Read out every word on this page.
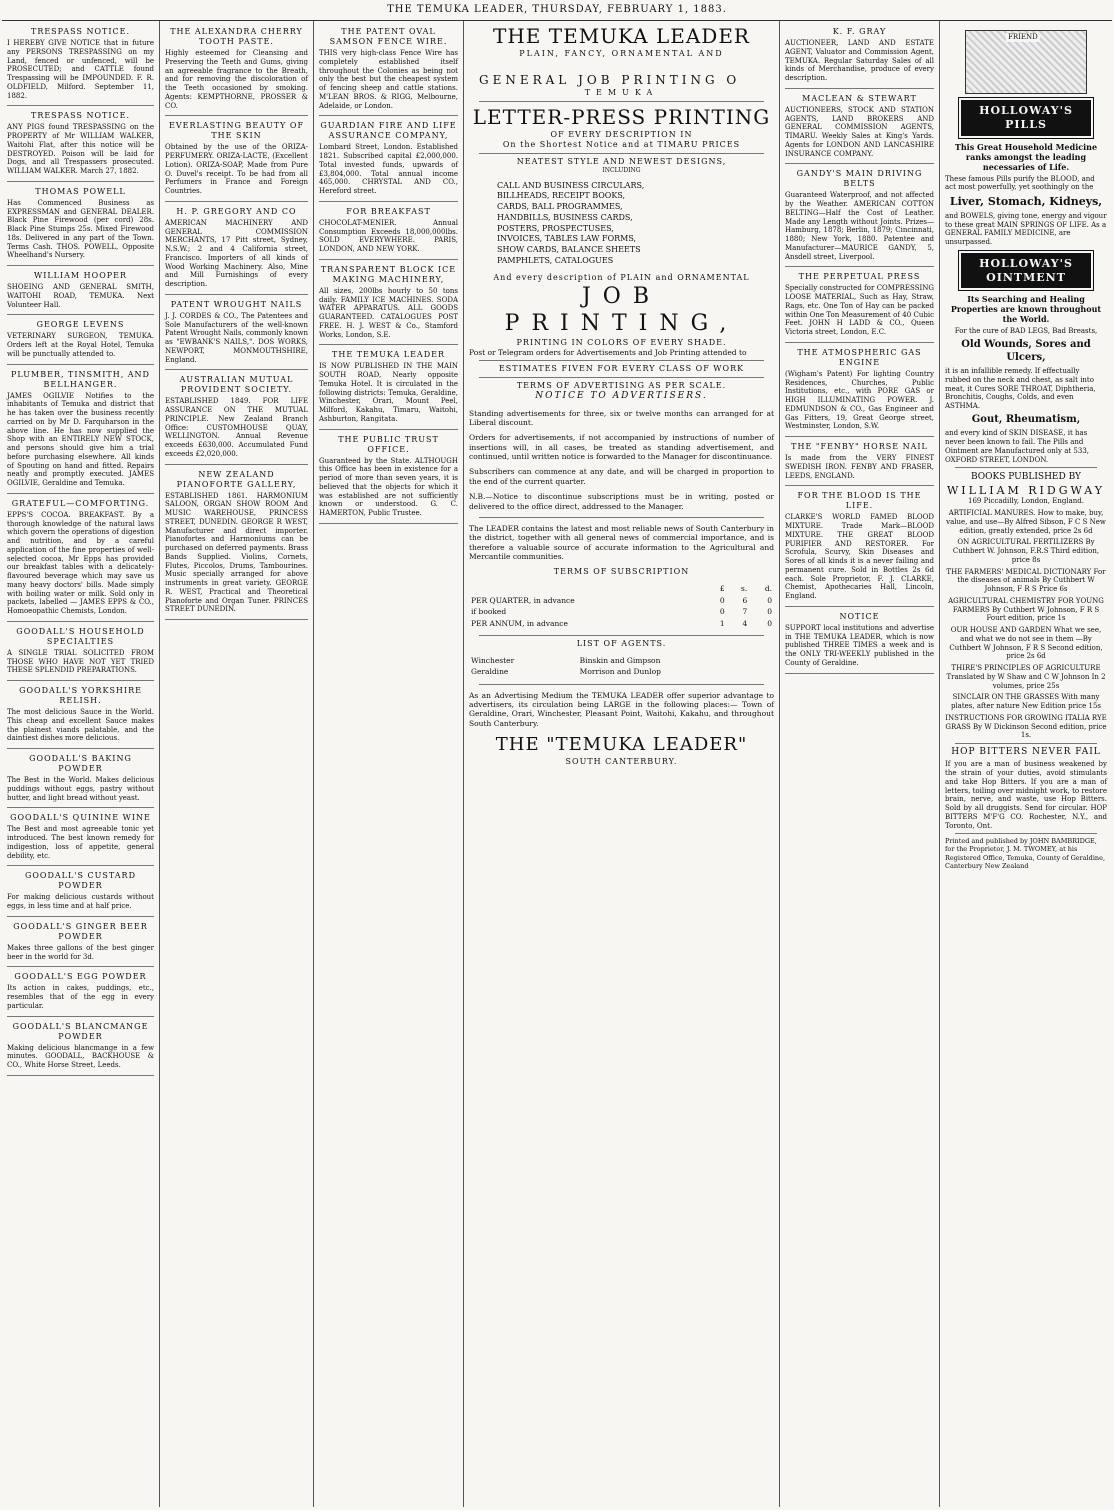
THE TEMUKA LEADER, THURSDAY, FEBRUARY 1, 1883.
TRESPASS NOTICE.

I HEREBY GIVE NOTICE that in future any PERSONS TRESPASSING on my Land, fenced or unfenced, will be PROSECUTED; and CATTLE found Trespassing will be IMPOUNDED. F. R. OLDFIELD, Milford. September 11, 1882.

TRESPASS NOTICE.

ANY PIGS found TRESPASSING on the PROPERTY of Mr WILLIAM WALKER, Waitohi Flat, after this notice will be DESTROYED. Poison will be laid for Dogs, and all Trespassers prosecuted. WILLIAM WALKER. March 27, 1882.

THOMAS POWELL

Has Commenced Business as EXPRESSMAN and GENERAL DEALER. Black Pine Firewood (per cord) 28s. Black Pine Stumps 25s. Mixed Firewood 18s. Delivered in any part of the Town. Terms Cash. THOS. POWELL, Opposite Wheelhand's Nursery.

WILLIAM HOOPER

SHOEING AND GENERAL SMITH, WAITOHI ROAD, TEMUKA. Next Volunteer Hall.

GEORGE LEVENS

VETERINARY SURGEON, TEMUKA. Orders left at the Royal Hotel, Temuka will be punctually attended to.

PLUMBER, TINSMITH, AND BELLHANGER.

JAMES OGILVIE Notifies to the inhabitants of Temuka and district that he has taken over the business recently carried on by Mr D. Farquharson in the above line. He has now supplied the Shop with an ENTIRELY NEW STOCK, and persons should give him a trial before purchasing elsewhere. All kinds of Spouting on hand and fitted. Repairs neatly and promptly executed. JAMES OGILVIE, Geraldine and Temuka.

GRATEFUL—COMFORTING.

EPPS'S COCOA. BREAKFAST. By a thorough knowledge of the natural laws which govern the operations of digestion and nutrition, and by a careful application of the fine properties of well-selected cocoa, Mr Epps has provided our breakfast tables with a delicately-flavoured beverage which may save us many heavy doctors' bills. Made simply with boiling water or milk. Sold only in packets, labelled — JAMES EPPS & CO., Homoeopathic Chemists, London.

GOODALL'S HOUSEHOLD SPECIALTIES

A SINGLE TRIAL SOLICITED FROM THOSE WHO HAVE NOT YET TRIED THESE SPLENDID PREPARATIONS.

GOODALL'S YORKSHIRE RELISH.

The most delicious Sauce in the World. This cheap and excellent Sauce makes the plainest viands palatable, and the daintiest dishes more delicious.

GOODALL'S BAKING POWDER

The Best in the World. Makes delicious puddings without eggs, pastry without butter, and light bread without yeast.

GOODALL'S QUININE WINE

The Best and most agreeable tonic yet introduced. The best known remedy for indigestion, loss of appetite, general debility, etc.

GOODALL'S CUSTARD POWDER

For making delicious custards without eggs, in less time and at half price.

GOODALL'S GINGER BEER POWDER

Makes three gallons of the best ginger beer in the world for 3d.

GOODALL'S EGG POWDER

Its action in cakes, puddings, etc., resembles that of the egg in every particular.

GOODALL'S BLANCMANGE POWDER

Making delicious blancmange in a few minutes. GOODALL, BACKHOUSE & CO., White Horse Street, Leeds.

THE ALEXANDRA CHERRY TOOTH PASTE.

Highly esteemed for Cleansing and Preserving the Teeth and Gums, giving an agreeable fragrance to the Breath, and for removing the discoloration of the Teeth occasioned by smoking. Agents: KEMPTHORNE, PROSSER & CO.

EVERLASTING BEAUTY OF THE SKIN

Obtained by the use of the ORIZA-PERFUMERY. ORIZA-LACTE, (Excellent Lotion). ORIZA-SOAP, Made from Pure O. Duvel's receipt. To be had from all Perfumers in France and Foreign Countries.

H. P. GREGORY AND CO

AMERICAN MACHINERY AND GENERAL COMMISSION MERCHANTS, 17 Pitt street, Sydney, N.S.W.; 2 and 4 California street, Francisco. Importers of all kinds of Wood Working Machinery. Also, Mine and Mill Furnishings of every description.

PATENT WROUGHT NAILS

J. J. CORDES & CO., The Patentees and Sole Manufacturers of the well-known Patent Wrought Nails, commonly known as "EWBANK'S NAILS,". DOS WORKS, NEWPORT, MONMOUTHSHIRE, England.

AUSTRALIAN MUTUAL PROVIDENT SOCIETY.

ESTABLISHED 1849. FOR LIFE ASSURANCE ON THE MUTUAL PRINCIPLE. New Zealand Branch Office: CUSTOMHOUSE QUAY, WELLINGTON. Annual Revenue exceeds £630,000. Accumulated Fund exceeds £2,020,000.

NEW ZEALAND PIANOFORTE GALLERY,

ESTABLISHED 1861. HARMONIUM SALOON, ORGAN SHOW ROOM And MUSIC WAREHOUSE, PRINCESS STREET, DUNEDIN. GEORGE R WEST, Manufacturer and direct importer. Pianofortes and Harmoniums can be purchased on deferred payments. Brass Bands Supplied. Violins, Cornets, Flutes, Piccolos, Drums, Tambourines. Music specially arranged for above instruments in great variety. GEORGE R. WEST, Practical and Theoretical Pianoforte and Organ Tuner. PRINCES STREET DUNEDIN.

THE PATENT OVAL SAMSON FENCE WIRE.

THIS very high-class Fence Wire has completely established itself throughout the Colonies as being not only the best but the cheapest system of fencing sheep and cattle stations. M'LEAN BROS. & RIGG, Melbourne, Adelaide, or London.

GUARDIAN FIRE AND LIFE ASSURANCE COMPANY,

Lombard Street, London. Established 1821. Subscribed capital £2,000,000. Total invested funds, upwards of £3,804,000. Total annual income 465,000. CHRYSTAL AND CO., Hereford street.

FOR BREAKFAST

CHOCOLAT-MENIER. Annual Consumption Exceeds 18,000,000lbs. SOLD EVERYWHERE. PARIS, LONDON, AND NEW YORK.

TRANSPARENT BLOCK ICE MAKING MACHINERY,

All sizes, 200lbs hourly to 50 tons daily. FAMILY ICE MACHINES. SODA WATER APPARATUS. ALL GOODS GUARANTEED. CATALOGUES POST FREE. H. J. WEST & Co., Stamford Works, London, S.E.

THE TEMUKA LEADER

IS NOW PUBLISHED IN THE MAIN SOUTH ROAD, Nearly opposite Temuka Hotel. It is circulated in the following districts: Temuka, Geraldine, Winchester, Orari, Mount Peel, Milford, Kakahu, Timaru, Waitohi, Ashburton, Rangitata.

THE PUBLIC TRUST OFFICE.

Guaranteed by the State. ALTHOUGH this Office has been in existence for a period of more than seven years, it is believed that the objects for which it was established are not sufficiently known or understood. G. C. HAMERTON, Public Trustee.

THE TEMUKA LEADER
PLAIN, FANCY, ORNAMENTAL AND
GENERAL JOB PRINTING O
TEMUKA
LETTER-PRESS PRINTING
OF EVERY DESCRIPTION IN
On the Shortest Notice and at TIMARU PRICES
NEATEST STYLE AND NEWEST DESIGNS,
INCLUDING
CALL AND BUSINESS CIRCULARS,
BILLHEADS, RECEIPT BOOKS,
CARDS, BALL PROGRAMMES,
HANDBILLS, BUSINESS CARDS,
POSTERS, PROSPECTUSES,
INVOICES, TABLES LAW FORMS,
SHOW CARDS, BALANCE SHEETS
PAMPHLETS, CATALOGUES
And every description of PLAIN and ORNAMENTAL
JOB PRINTING,
PRINTING IN COLORS OF EVERY SHADE.
Post or Telegram orders for Advertisements and Job Printing attended to
ESTIMATES FIVEN FOR EVERY CLASS OF WORK
TERMS OF ADVERTISING AS PER SCALE.
NOTICE TO ADVERTISERS.
Standing advertisements for three, six or twelve months can arranged for at Liberal discount.
Orders for advertisements, if not accompanied by instructions of number of insertions will, in all cases, be treated as standing advertisement, and continued, until written notice is forwarded to the Manager for discontinuance.
Subscribers can commence at any date, and will be charged in proportion to the end of the current quarter.
N.B.—Notice to discontinue subscriptions must be in writing, posted or delivered to the office direct, addressed to the Manager.
The LEADER contains the latest and most reliable news of South Canterbury in the district, together with all general news of commercial importance, and is therefore a valuable source of accurate information to the Agricultural and Mercantile communities.
TERMS OF SUBSCRIPTION
	£	s.	d.
PER QUARTER, in advance	0	6	0
if booked	0	7	0
PER ANNUM, in advance	1	4	0
LIST OF AGENTS.
Winchester	Binskin and Gimpson
Geraldine	Morrison and Dunlop
As an Advertising Medium the TEMUKA LEADER offer superior advantage to advertisers, its circulation being LARGE in the following places:— Town of Geraldine, Orari, Winchester, Pleasant Point, Waitohi, Kakahu, and throughout South Canterbury.
THE "TEMUKA LEADER"
SOUTH CANTERBURY.
K. F. GRAY

AUCTIONEER, LAND AND ESTATE AGENT, Valuator and Commission Agent, TEMUKA. Regular Saturday Sales of all kinds of Merchandise, produce of every description.

MACLEAN & STEWART

AUCTIONEERS, STOCK AND STATION AGENTS, LAND BROKERS AND GENERAL COMMISSION AGENTS, TIMARU. Weekly Sales at King's Yards. Agents for LONDON AND LANCASHIRE INSURANCE COMPANY.

GANDY'S MAIN DRIVING BELTS

Guaranteed Waterproof, and not affected by the Weather. AMERICAN COTTON BELTING—Half the Cost of Leather. Made any Length without Joints. Prizes—Hamburg, 1878; Berlin, 1879; Cincinnati, 1880; New York, 1880. Patentee and Manufacturer—MAURICE GANDY, 5, Ansdell street, Liverpool.

THE PERPETUAL PRESS

Specially constructed for COMPRESSING LOOSE MATERIAL, Such as Hay, Straw, Rags, etc. One Ton of Hay can be packed within One Ton Measurement of 40 Cubic Feet. JOHN H LADD & CO., Queen Victoria street, London, E.C.

THE ATMOSPHERIC GAS ENGINE

(Wigham's Patent) For lighting Country Residences, Churches, Public Institutions, etc., with PORE GAS or HIGH ILLUMINATING POWER. J. EDMUNDSON & CO., Gas Engineer and Gas Fitters, 19, Great George street, Westminster, London, S.W.

THE "FENBY" HORSE NAIL

Is made from the VERY FINEST SWEDISH IRON. FENBY AND FRASER, LEEDS, ENGLAND.

FOR THE BLOOD IS THE LIFE.

CLARKE'S WORLD FAMED BLOOD MIXTURE. Trade Mark—BLOOD MIXTURE. THE GREAT BLOOD PURIFIER AND RESTORER. For Scrofula, Scurvy, Skin Diseases and Sores of all kinds it is a never failing and permanent cure. Sold in Bottles 2s 6d each. Sole Proprietor, F. J. CLARKE, Chemist, Apothecaries Hall, Lincoln, England.

NOTICE

SUPPORT local institutions and advertise in THE TEMUKA LEADER, which is now published THREE TIMES a week and is the ONLY TRI-WEEKLY published in the County of Geraldine.

FRIEND
HOLLOWAY'S PILLS
This Great Household Medicine ranks amongst the leading necessaries of Life.

These famous Pills purify the BLOOD, and act most powerfully, yet soothingly on the

Liver, Stomach, Kidneys,

and BOWELS, giving tone, energy and vigour to these great MAIN SPRINGS OF LIFE. As a GENERAL FAMILY MEDICINE, are unsurpassed.

HOLLOWAY'S OINTMENT
Its Searching and Healing Properties are known throughout the World.

For the cure of BAD LEGS, Bad Breasts,

Old Wounds, Sores and Ulcers,

it is an infallible remedy. If effectually rubbed on the neck and chest, as salt into meat, it Cures SORE THROAT, Diphtheria, Bronchitis, Coughs, Colds, and even ASTHMA.

Gout, Rheumatism,

and every kind of SKIN DISEASE, it has never been known to fail. The Pills and Ointment are Manufactured only at 533, OXFORD STREET, LONDON.

BOOKS PUBLISHED BY
WILLIAM RIDGWAY
169 Piccadilly, London, England.

ARTIFICIAL MANURES. How to make, buy, value, and use—By Alfred Sibson, F C S New edition, greatly extended, price 2s 6d

ON AGRICULTURAL FERTILIZERS By Cuthbert W. Johnson, F.R.S Third edition, price 8s

THE FARMERS' MEDICAL DICTIONARY For the diseases of animals By Cuthbert W Johnson, F R S Price 6s

AGRICULTURAL CHEMISTRY FOR YOUNG FARMERS By Cuthbert W Johnson, F R S Fourt edition, price 1s

OUR HOUSE AND GARDEN What we see, and what we do not see in them —By Cuthbert W Johnson, F R S Second edition, price 2s 6d

THIRE'S PRINCIPLES OF AGRICULTURE Translated by W Shaw and C W Johnson In 2 volumes, price 25s

SINCLAIR ON THE GRASSES With many plates, after nature New Edition price 15s

INSTRUCTIONS FOR GROWING ITALIA RYE GRASS By W Dickinson Second edition, price 1s.

HOP BITTERS NEVER FAIL

If you are a man of business weakened by the strain of your duties, avoid stimulants and take Hop Bitters. If you are a man of letters, toiling over midnight work, to restore brain, nerve, and waste, use Hop Bitters. Sold by all druggists. Send for circular. HOP BITTERS M'F'G CO. Rochester, N.Y., and Toronto, Ont.

Printed and published by JOHN BAMBRIDGE, for the Proprietor, J. M. TWOMEY, at his Registered Office, Temuka, County of Geraldine, Canterbury New Zealand
